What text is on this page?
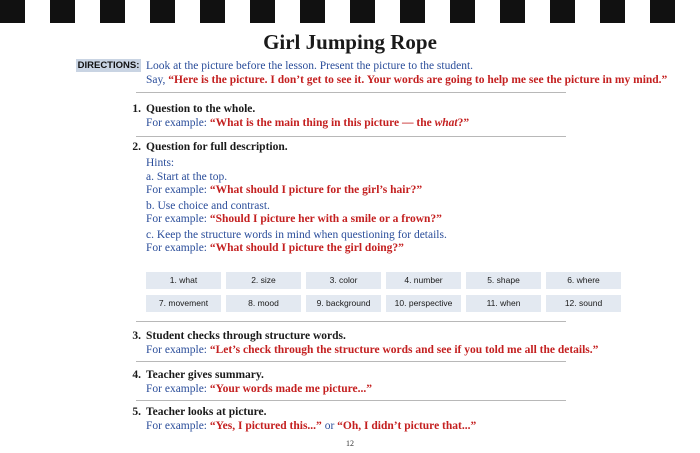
Girl Jumping Rope
DIRECTIONS: Look at the picture before the lesson. Present the picture to the student.
Say, “Here is the picture. I don’t get to see it. Your words are going to help me see the picture in my mind.”
1. Question to the whole.
For example: “What is the main thing in this picture — the what?”
2. Question for full description.
Hints:
a. Start at the top.
For example: “What should I picture for the girl’s hair?”
b. Use choice and contrast.
For example: “Should I picture her with a smile or a frown?”
c. Keep the structure words in mind when questioning for details.
For example: “What should I picture the girl doing?”
1. what	2. size	3. color	4. number	5. shape	6. where
7. movement	8. mood	9. background	10. perspective	11. when	12. sound
3. Student checks through structure words.
For example: “Let’s check through the structure words and see if you told me all the details.”
4. Teacher gives summary.
For example: “Your words made me picture...”
5. Teacher looks at picture.
For example: “Yes, I pictured this...” or “Oh, I didn’t picture that...”
12
